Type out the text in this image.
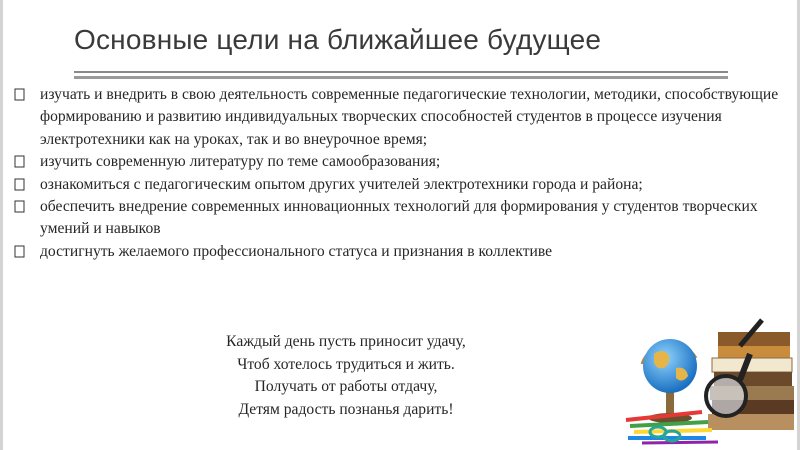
Основные цели на ближайшее будущее
изучать и внедрить в свою деятельность современные педагогические технологии, методики, способствующие формированию и развитию индивидуальных творческих способностей студентов в процессе изучения электротехники как на уроках, так и во внеурочное время;
изучить современную литературу по теме самообразования;
ознакомиться с педагогическим опытом других учителей электротехники города и района;
обеспечить внедрение современных инновационных технологий для формирования у студентов творческих умений и навыков
достигнуть желаемого профессионального статуса и признания в коллективе
Каждый день пусть приносит удачу,
Чтоб хотелось трудиться и жить.
Получать от работы отдачу,
Детям радость познанья дарить!
